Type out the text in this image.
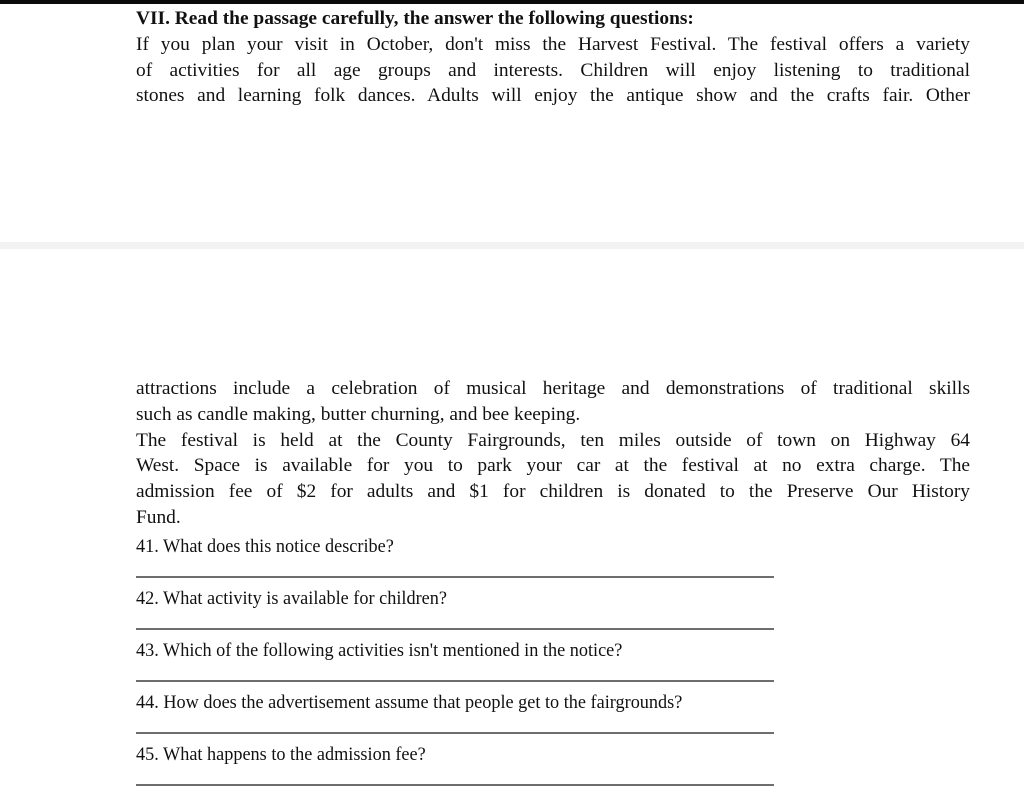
VII. Read the passage carefully, the answer the following questions:
If you plan your visit in October, don't miss the Harvest Festival. The festival offers a variety
of activities for all age groups and interests. Children will enjoy listening to traditional
stones and learning folk dances. Adults will enjoy the antique show and the crafts fair. Other
attractions include a celebration of musical heritage and demonstrations of traditional skills
such as candle making, butter churning, and bee keeping.
The festival is held at the County Fairgrounds, ten miles outside of town on Highway 64
West. Space is available for you to park your car at the festival at no extra charge. The
admission fee of $2 for adults and $1 for children is donated to the Preserve Our History
Fund.
41. What does this notice describe?
42. What activity is available for children?
43. Which of the following activities isn't mentioned in the notice?
44. How does the advertisement assume that people get to the fairgrounds?
45. What happens to the admission fee?
